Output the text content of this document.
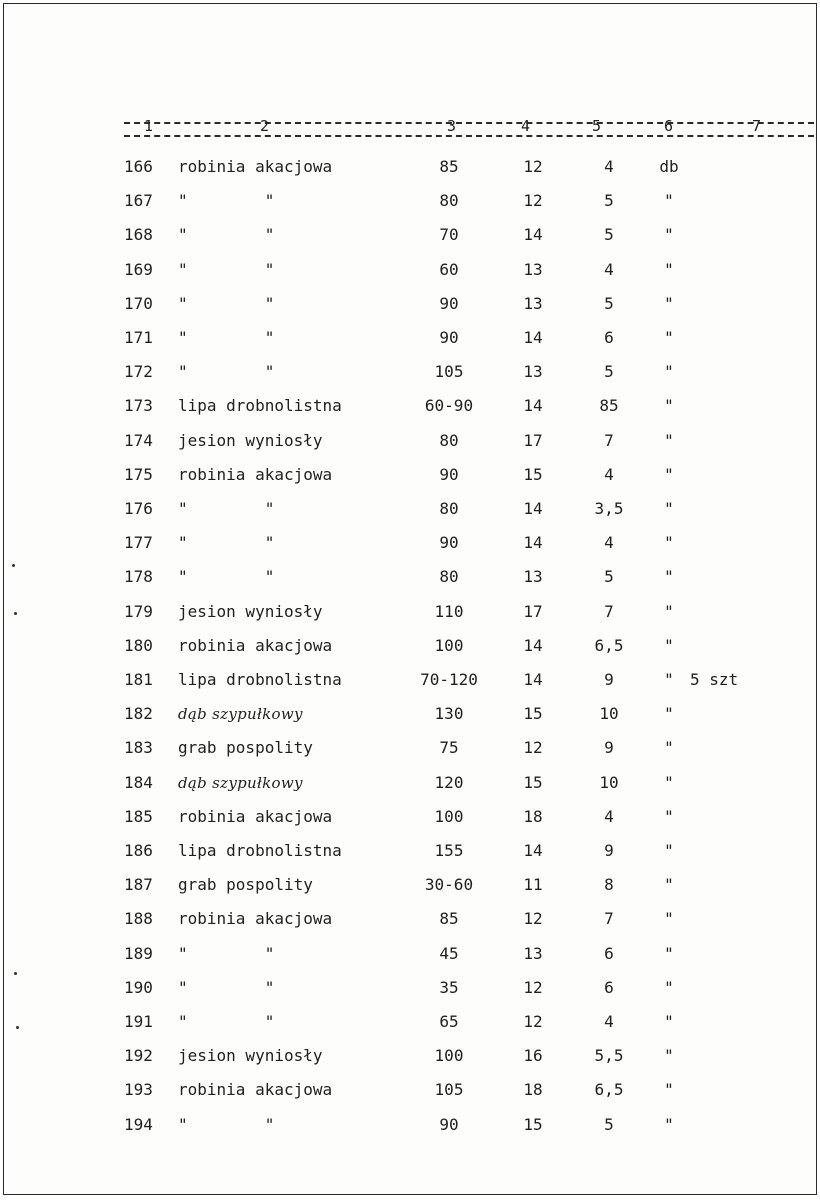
1	2	3	4	5	6	7
166	robinia akacjowa	85	12	4	db
167	"        "	80	12	5	"
168	"        "	70	14	5	"
169	"        "	60	13	4	"
170	"        "	90	13	5	"
171	"        "	90	14	6	"
172	"        "	105	13	5	"
173	lipa drobnolistna	60-90	14	85	"
174	jesion wyniosły	80	17	7	"
175	robinia akacjowa	90	15	4	"
176	"        "	80	14	3,5	"
177	"        "	90	14	4	"
178	"        "	80	13	5	"
179	jesion wyniosły	110	17	7	"
180	robinia akacjowa	100	14	6,5	"
181	lipa drobnolistna	70-120	14	9	"	5 szt
182	dąb szypułkowy	130	15	10	"
183	grab pospolity	75	12	9	"
184	dąb szypułkowy	120	15	10	"
185	robinia akacjowa	100	18	4	"
186	lipa drobnolistna	155	14	9	"
187	grab pospolity	30-60	11	8	"
188	robinia akacjowa	85	12	7	"
189	"        "	45	13	6	"
190	"        "	35	12	6	"
191	"        "	65	12	4	"
192	jesion wyniosły	100	16	5,5	"
193	robinia akacjowa	105	18	6,5	"
194	"        "	90	15	5	"
